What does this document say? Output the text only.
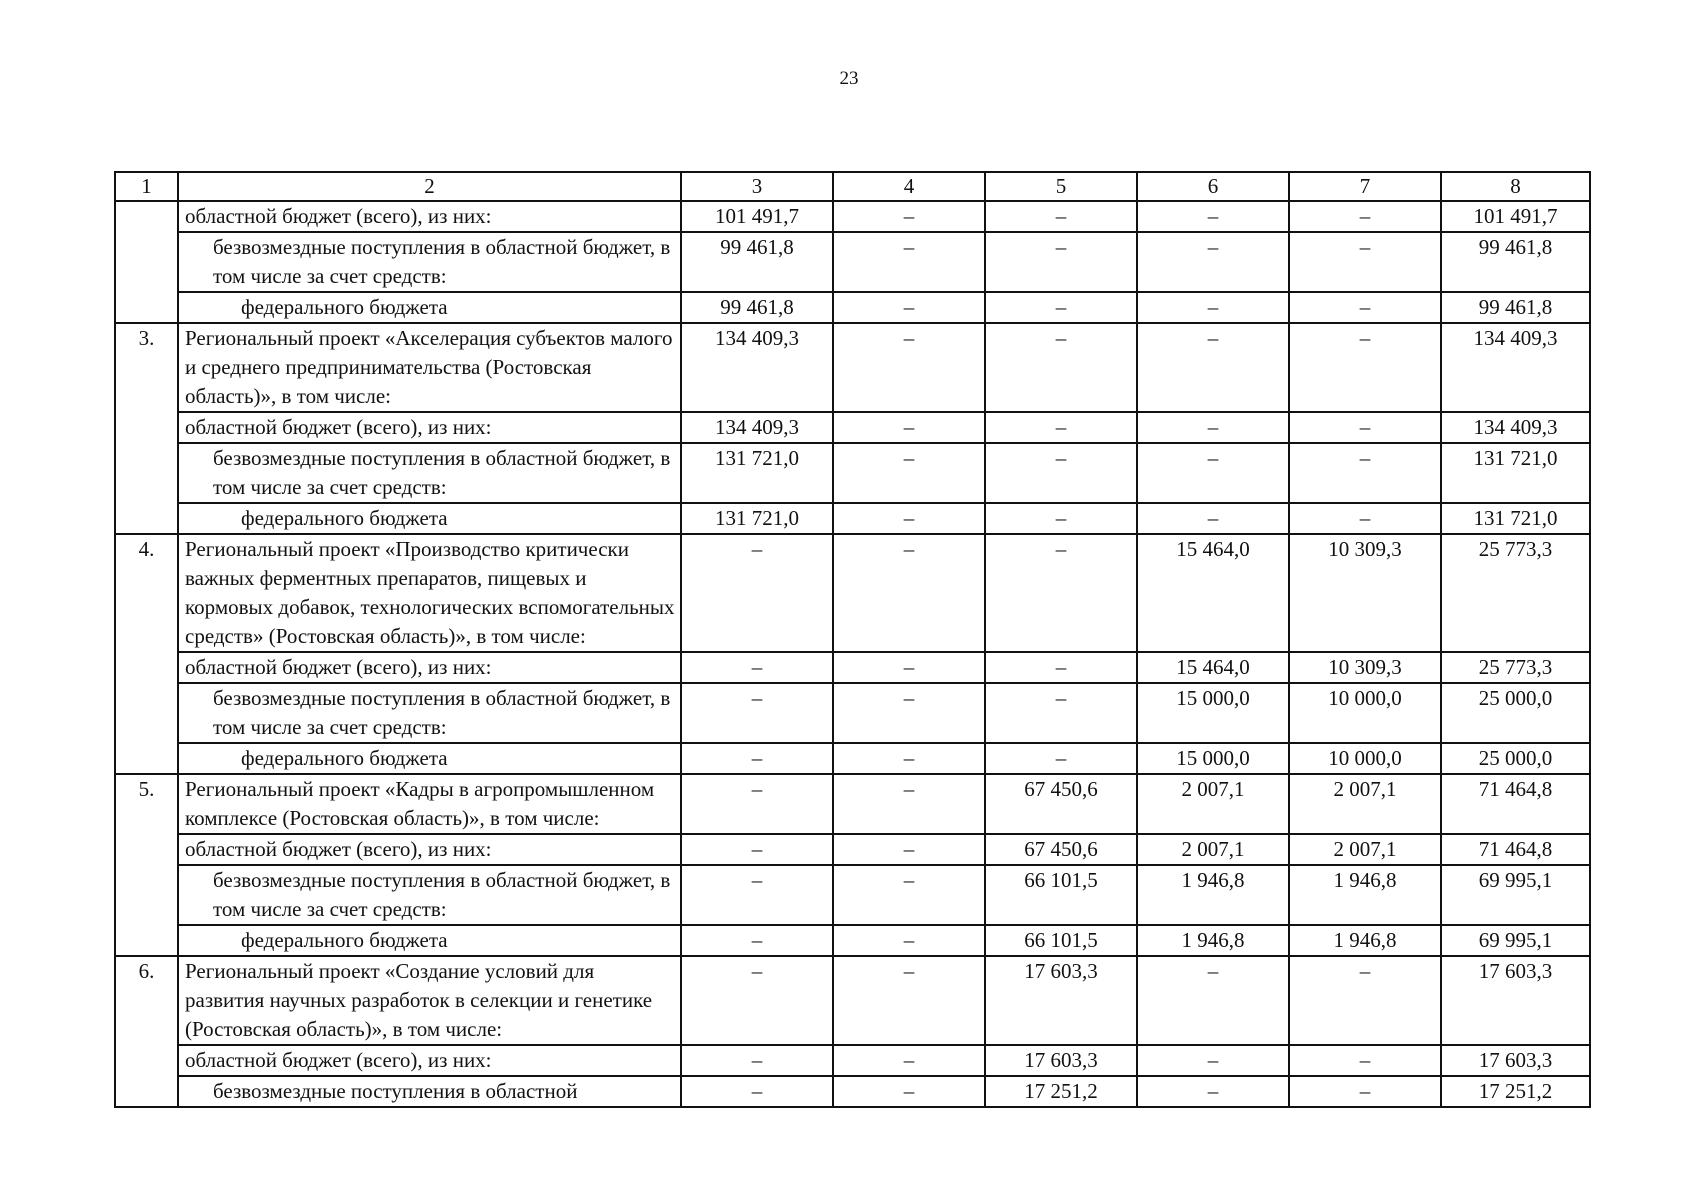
23
1	2	3	4	5	6	7	8
	областной бюджет (всего), из них:	101 491,7	–	–	–	–	101 491,7
	безвозмездные поступления в областной бюджет, в том числе за счет средств:	99 461,8	–	–	–	–	99 461,8
	федерального бюджета	99 461,8	–	–	–	–	99 461,8
3.	Региональный проект «Акселерация субъектов малого и среднего предпринимательства (Ростовская область)», в том числе:	134 409,3	–	–	–	–	134 409,3
	областной бюджет (всего), из них:	134 409,3	–	–	–	–	134 409,3
	безвозмездные поступления в областной бюджет, в том числе за счет средств:	131 721,0	–	–	–	–	131 721,0
	федерального бюджета	131 721,0	–	–	–	–	131 721,0
4.	Региональный проект «Производство критически важных ферментных препаратов, пищевых и кормовых добавок, технологических вспомогательных средств» (Ростовская область)», в том числе:	–	–	–	15 464,0	10 309,3	25 773,3
	областной бюджет (всего), из них:	–	–	–	15 464,0	10 309,3	25 773,3
	безвозмездные поступления в областной бюджет, в том числе за счет средств:	–	–	–	15 000,0	10 000,0	25 000,0
	федерального бюджета	–	–	–	15 000,0	10 000,0	25 000,0
5.	Региональный проект «Кадры в агропромышленном комплексе (Ростовская область)», в том числе:	–	–	67 450,6	2 007,1	2 007,1	71 464,8
	областной бюджет (всего), из них:	–	–	67 450,6	2 007,1	2 007,1	71 464,8
	безвозмездные поступления в областной бюджет, в том числе за счет средств:	–	–	66 101,5	1 946,8	1 946,8	69 995,1
	федерального бюджета	–	–	66 101,5	1 946,8	1 946,8	69 995,1
6.	Региональный проект «Создание условий для развития научных разработок в селекции и генетике (Ростовская область)», в том числе:	–	–	17 603,3	–	–	17 603,3
	областной бюджет (всего), из них:	–	–	17 603,3	–	–	17 603,3
	безвозмездные поступления в областной	–	–	17 251,2	–	–	17 251,2
